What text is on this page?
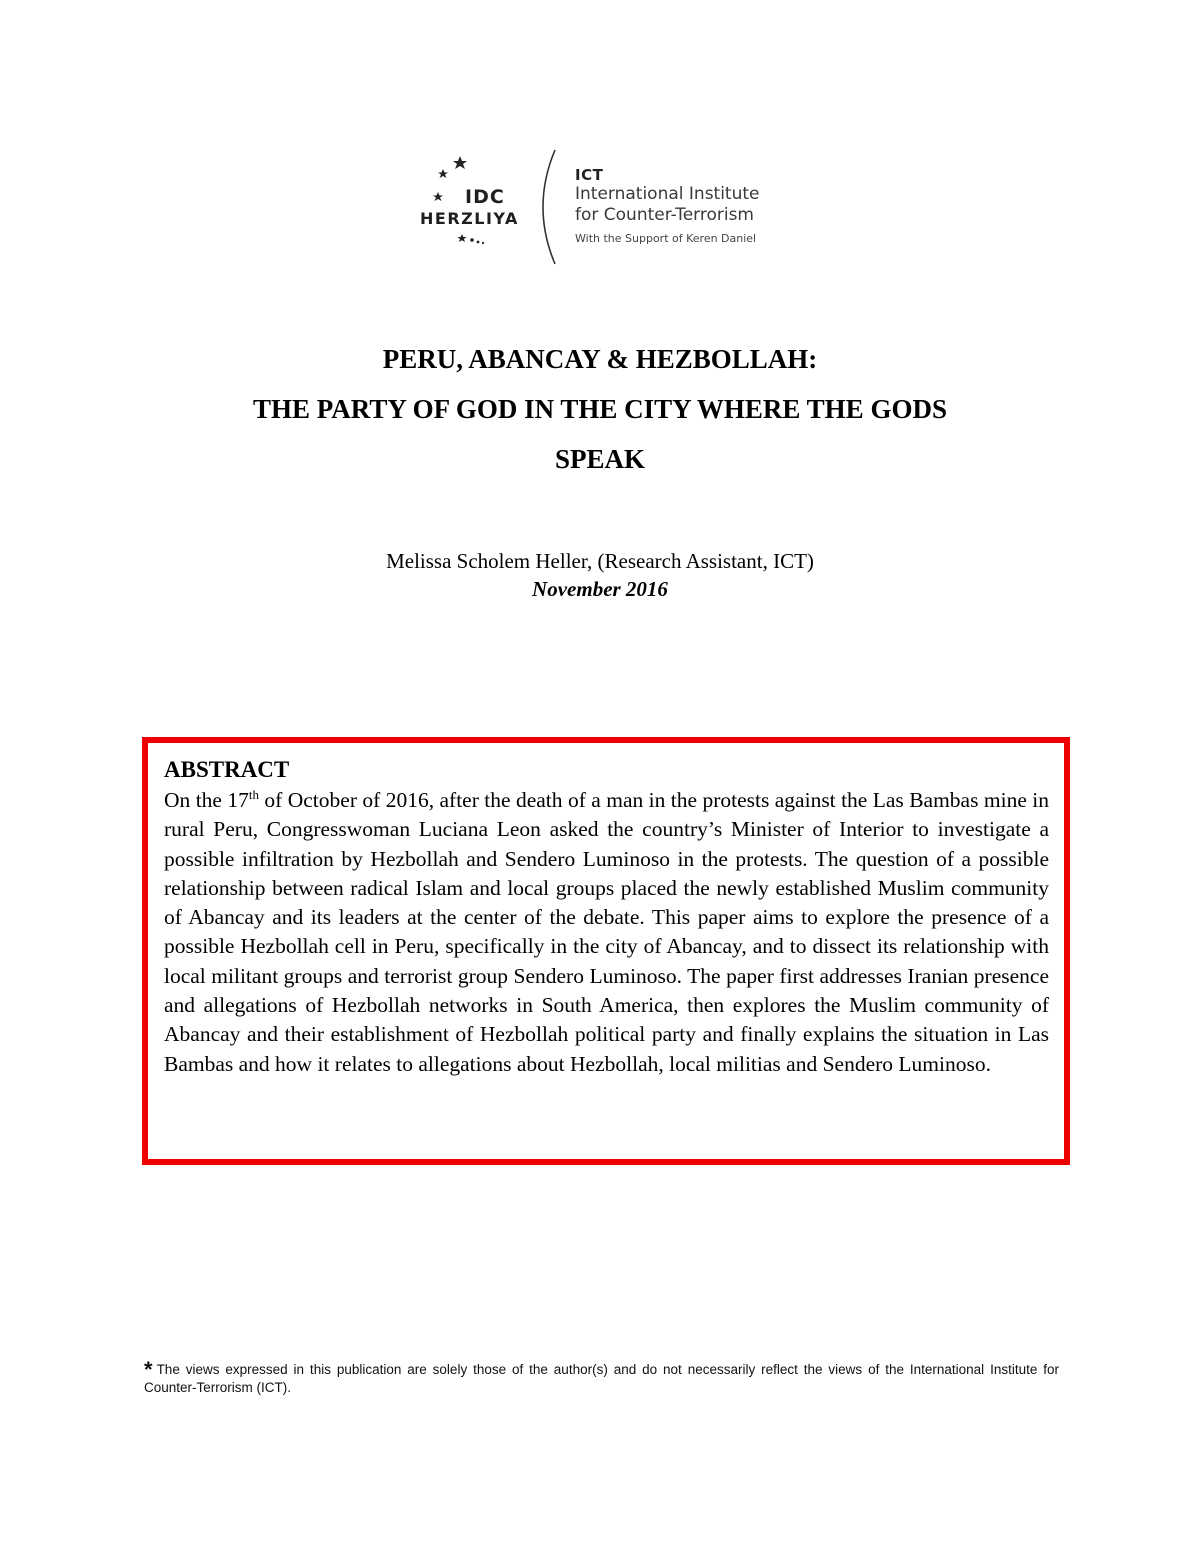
IDC
HERZLIYA
ICT
International Institute
for Counter-Terrorism
With the Support of Keren Daniel
PERU, ABANCAY & HEZBOLLAH:
THE PARTY OF GOD IN THE CITY WHERE THE GODS
SPEAK
Melissa Scholem Heller, (Research Assistant, ICT)
November 2016
ABSTRACT
On the 17th of October of 2016, after the death of a man in the protests against the Las Bambas mine in rural Peru, Congresswoman Luciana Leon asked the country’s Minister of Interior to investigate a possible infiltration by Hezbollah and Sendero Luminoso in the protests. The question of a possible relationship between radical Islam and local groups placed the newly established Muslim community of Abancay and its leaders at the center of the debate. This paper aims to explore the presence of a possible Hezbollah cell in Peru, specifically in the city of Abancay, and to dissect its relationship with local militant groups and terrorist group Sendero Luminoso. The paper first addresses Iranian presence and allegations of Hezbollah networks in South America, then explores the Muslim community of Abancay and their establishment of Hezbollah political party and finally explains the situation in Las Bambas and how it relates to allegations about Hezbollah, local militias and Sendero Luminoso.
* The views expressed in this publication are solely those of the author(s) and do not necessarily reflect the views of the International Institute for Counter-Terrorism (ICT).
